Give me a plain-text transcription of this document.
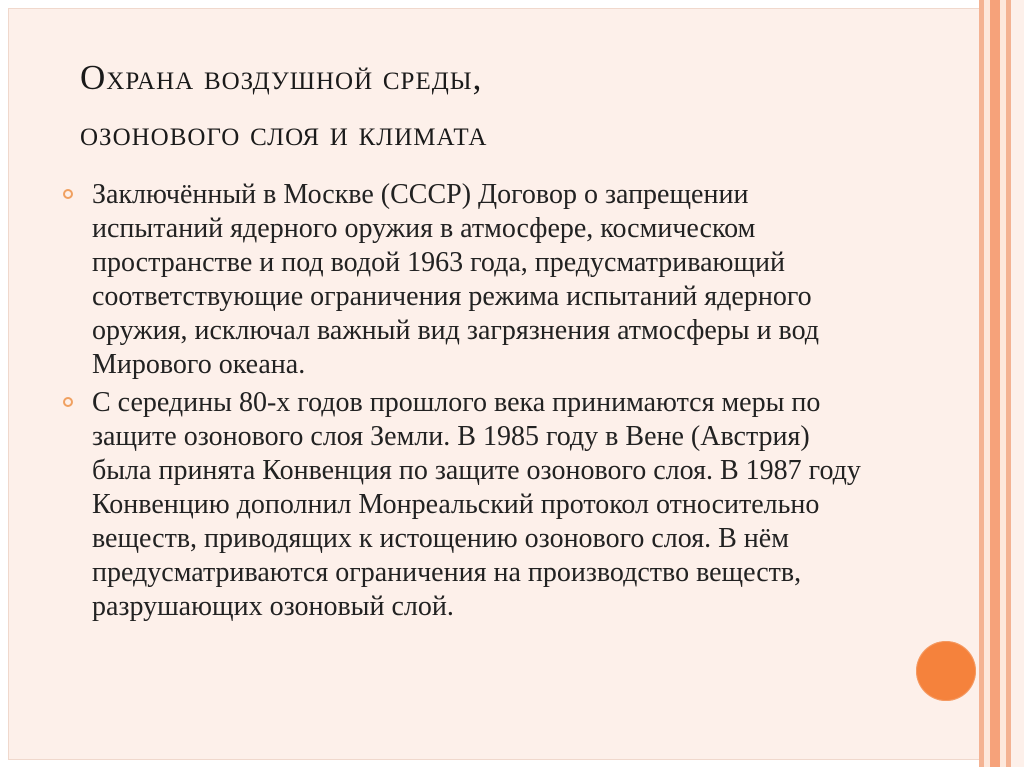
Охрана воздушной среды,
озонового слоя и климата
Заключённый в Москве (СССР) Договор о запрещении испытаний ядерного оружия в атмосфере, космическом пространстве и под водой 1963 года, предусматривающий соответствующие ограничения режима испытаний ядерного оружия, исключал важный вид загрязнения атмосферы и вод Мирового океана.
С середины 80-х годов прошлого века принимаются меры по защите озонового слоя Земли. В 1985 году в Вене (Австрия) была принята Конвенция по защите озонового слоя. В 1987 году Конвенцию дополнил Монреальский протокол относительно веществ, приводящих к истощению озонового слоя. В нём предусматриваются ограничения на производство веществ, разрушающих озоновый слой.
